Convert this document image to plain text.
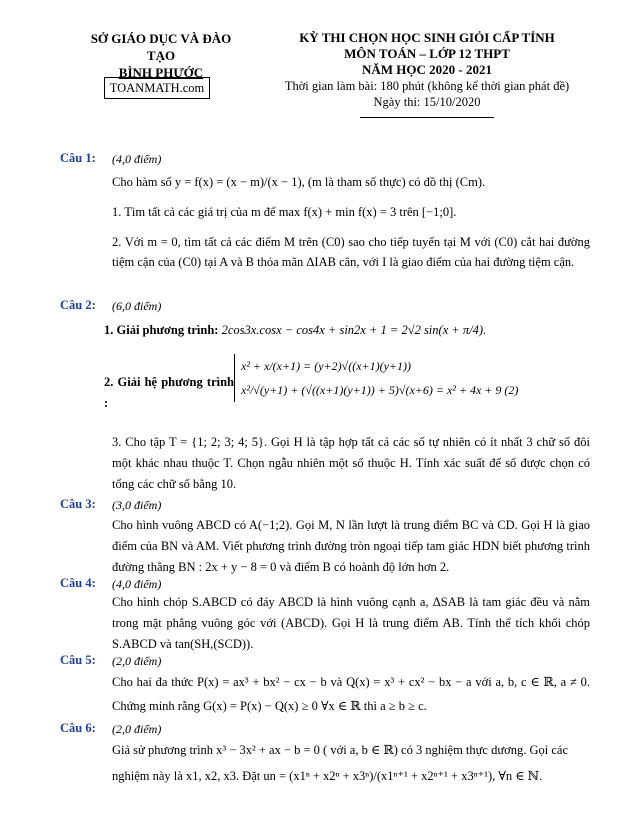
SỞ GIÁO DỤC VÀ ĐÀO TẠO
BÌNH PHƯỚC
TOANMATH.com
KỲ THI CHỌN HỌC SINH GIỎI CẤP TỈNH
MÔN TOÁN – LỚP 12 THPT
NĂM HỌC 2020 - 2021
Thời gian làm bài: 180 phút (không kể thời gian phát đề)
Ngày thi: 15/10/2020
Câu 1: (4,0 điểm)
Cho hàm số y = f(x) = (x − m)/(x − 1), (m là tham số thực) có đồ thị (Cm).
1. Tìm tất cả các giá trị của m để max f(x) + min f(x) = 3 trên [−1;0].
2. Với m = 0, tìm tất cả các điểm M trên (C0) sao cho tiếp tuyến tại M với (C0) cắt hai đường tiệm cận của (C0) tại A và B thỏa mãn ΔIAB cân, với I là giao điểm của hai đường tiệm cận.
Câu 2: (6,0 điểm)
1. Giải phương trình: 2cos3x.cosx − cos4x + sin2x + 1 = 2√2 sin(x + π/4).
2. Giải hệ phương trình :
x² + x/(x+1) = (y+2)√((x+1)(y+1))
x²/√(y+1) + (√((x+1)(y+1)) + 5)√(x+6) = x² + 4x + 9 (2)
3. Cho tập T = {1; 2; 3; 4; 5}. Gọi H là tập hợp tất cả các số tự nhiên có ít nhất 3 chữ số đôi một khác nhau thuộc T. Chọn ngẫu nhiên một số thuộc H. Tính xác suất để số được chọn có tổng các chữ số bằng 10.
Câu 3: (3,0 điểm)
Cho hình vuông ABCD có A(−1;2). Gọi M, N lần lượt là trung điểm BC và CD. Gọi H là giao điểm của BN và AM. Viết phương trình đường tròn ngoại tiếp tam giác HDN biết phương trình đường thẳng BN : 2x + y − 8 = 0 và điểm B có hoành độ lớn hơn 2.
Câu 4: (4,0 điểm)
Cho hình chóp S.ABCD có đáy ABCD là hình vuông cạnh a, ΔSAB là tam giác đều và nằm trong mặt phẳng vuông góc với (ABCD). Gọi H là trung điểm AB. Tính thể tích khối chóp S.ABCD và tan(SH,(SCD)).
Câu 5: (2,0 điểm)
Cho hai đa thức P(x) = ax³ + bx² − cx − b và Q(x) = x³ + cx² − bx − a với a, b, c ∈ ℝ, a ≠ 0. Chứng minh rằng G(x) = P(x) − Q(x) ≥ 0 ∀x ∈ ℝ thì a ≥ b ≥ c.
Câu 6: (2,0 điểm)
Giả sử phương trình x³ − 3x² + ax − b = 0 ( với a, b ∈ ℝ) có 3 nghiệm thực dương. Gọi các
nghiệm này là x1, x2, x3. Đặt un = (x1ⁿ + x2ⁿ + x3ⁿ)/(x1ⁿ⁺¹ + x2ⁿ⁺¹ + x3ⁿ⁺¹), ∀n ∈ ℕ.
